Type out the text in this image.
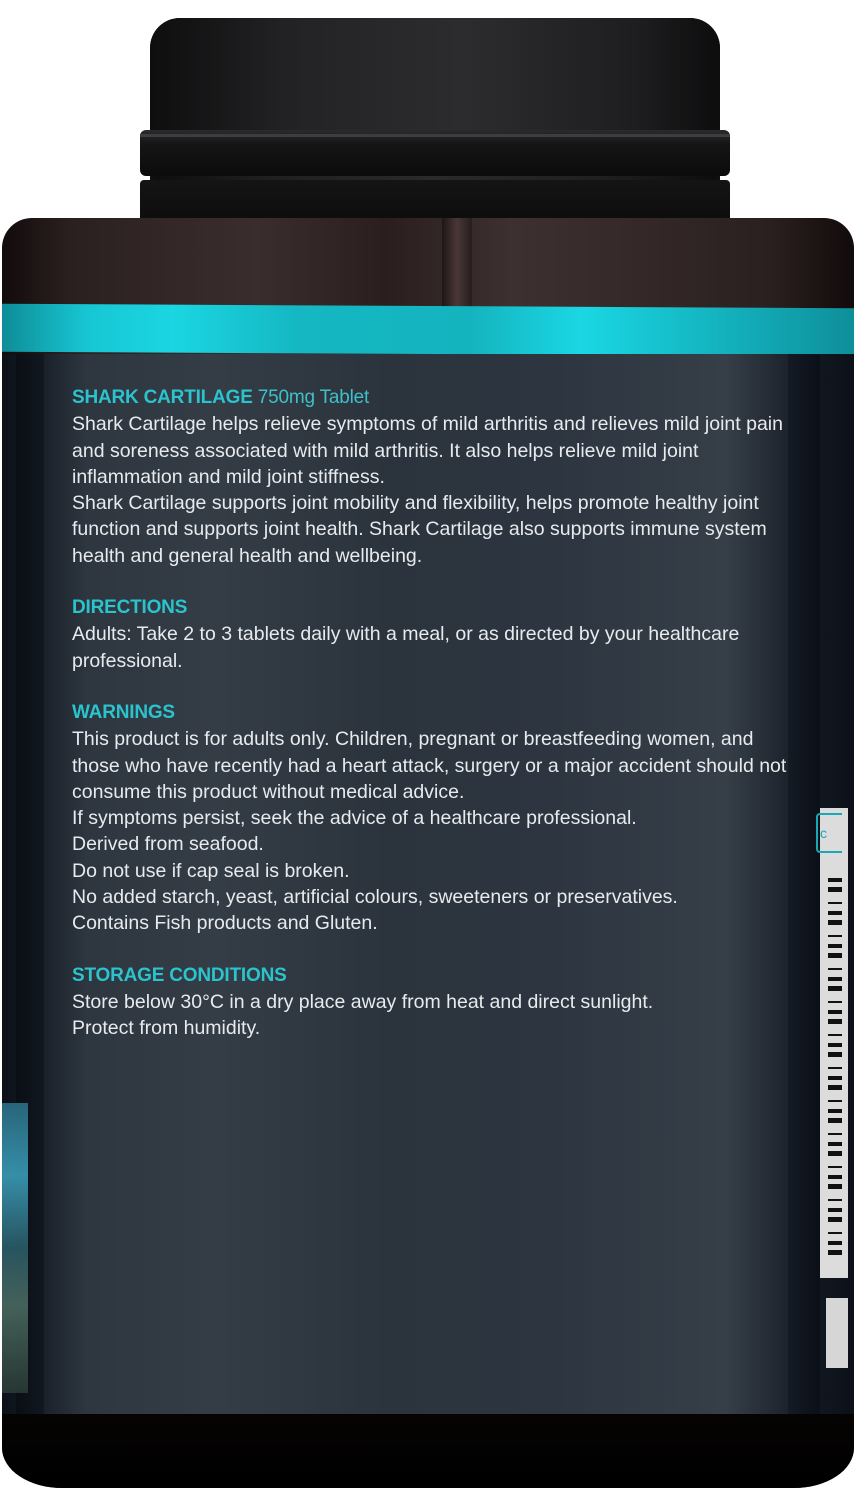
c
SHARK CARTILAGE 750mg Tablet
Shark Cartilage helps relieve symptoms of mild arthritis and relieves mild joint pain and soreness associated with mild arthritis. It also helps relieve mild joint inflammation and mild joint stiffness.
Shark Cartilage supports joint mobility and flexibility, helps promote healthy joint function and supports joint health. Shark Cartilage also supports immune system health and general health and wellbeing.
DIRECTIONS
Adults: Take 2 to 3 tablets daily with a meal, or as directed by your healthcare professional.
WARNINGS
This product is for adults only. Children, pregnant or breastfeeding women, and those who have recently had a heart attack, surgery or a major accident should not consume this product without medical advice.
If symptoms persist, seek the advice of a healthcare professional.
Derived from seafood.
Do not use if cap seal is broken.
No added starch, yeast, artificial colours, sweeteners or preservatives.
Contains Fish products and Gluten.
STORAGE CONDITIONS
Store below 30°C in a dry place away from heat and direct sunlight.
Protect from humidity.
